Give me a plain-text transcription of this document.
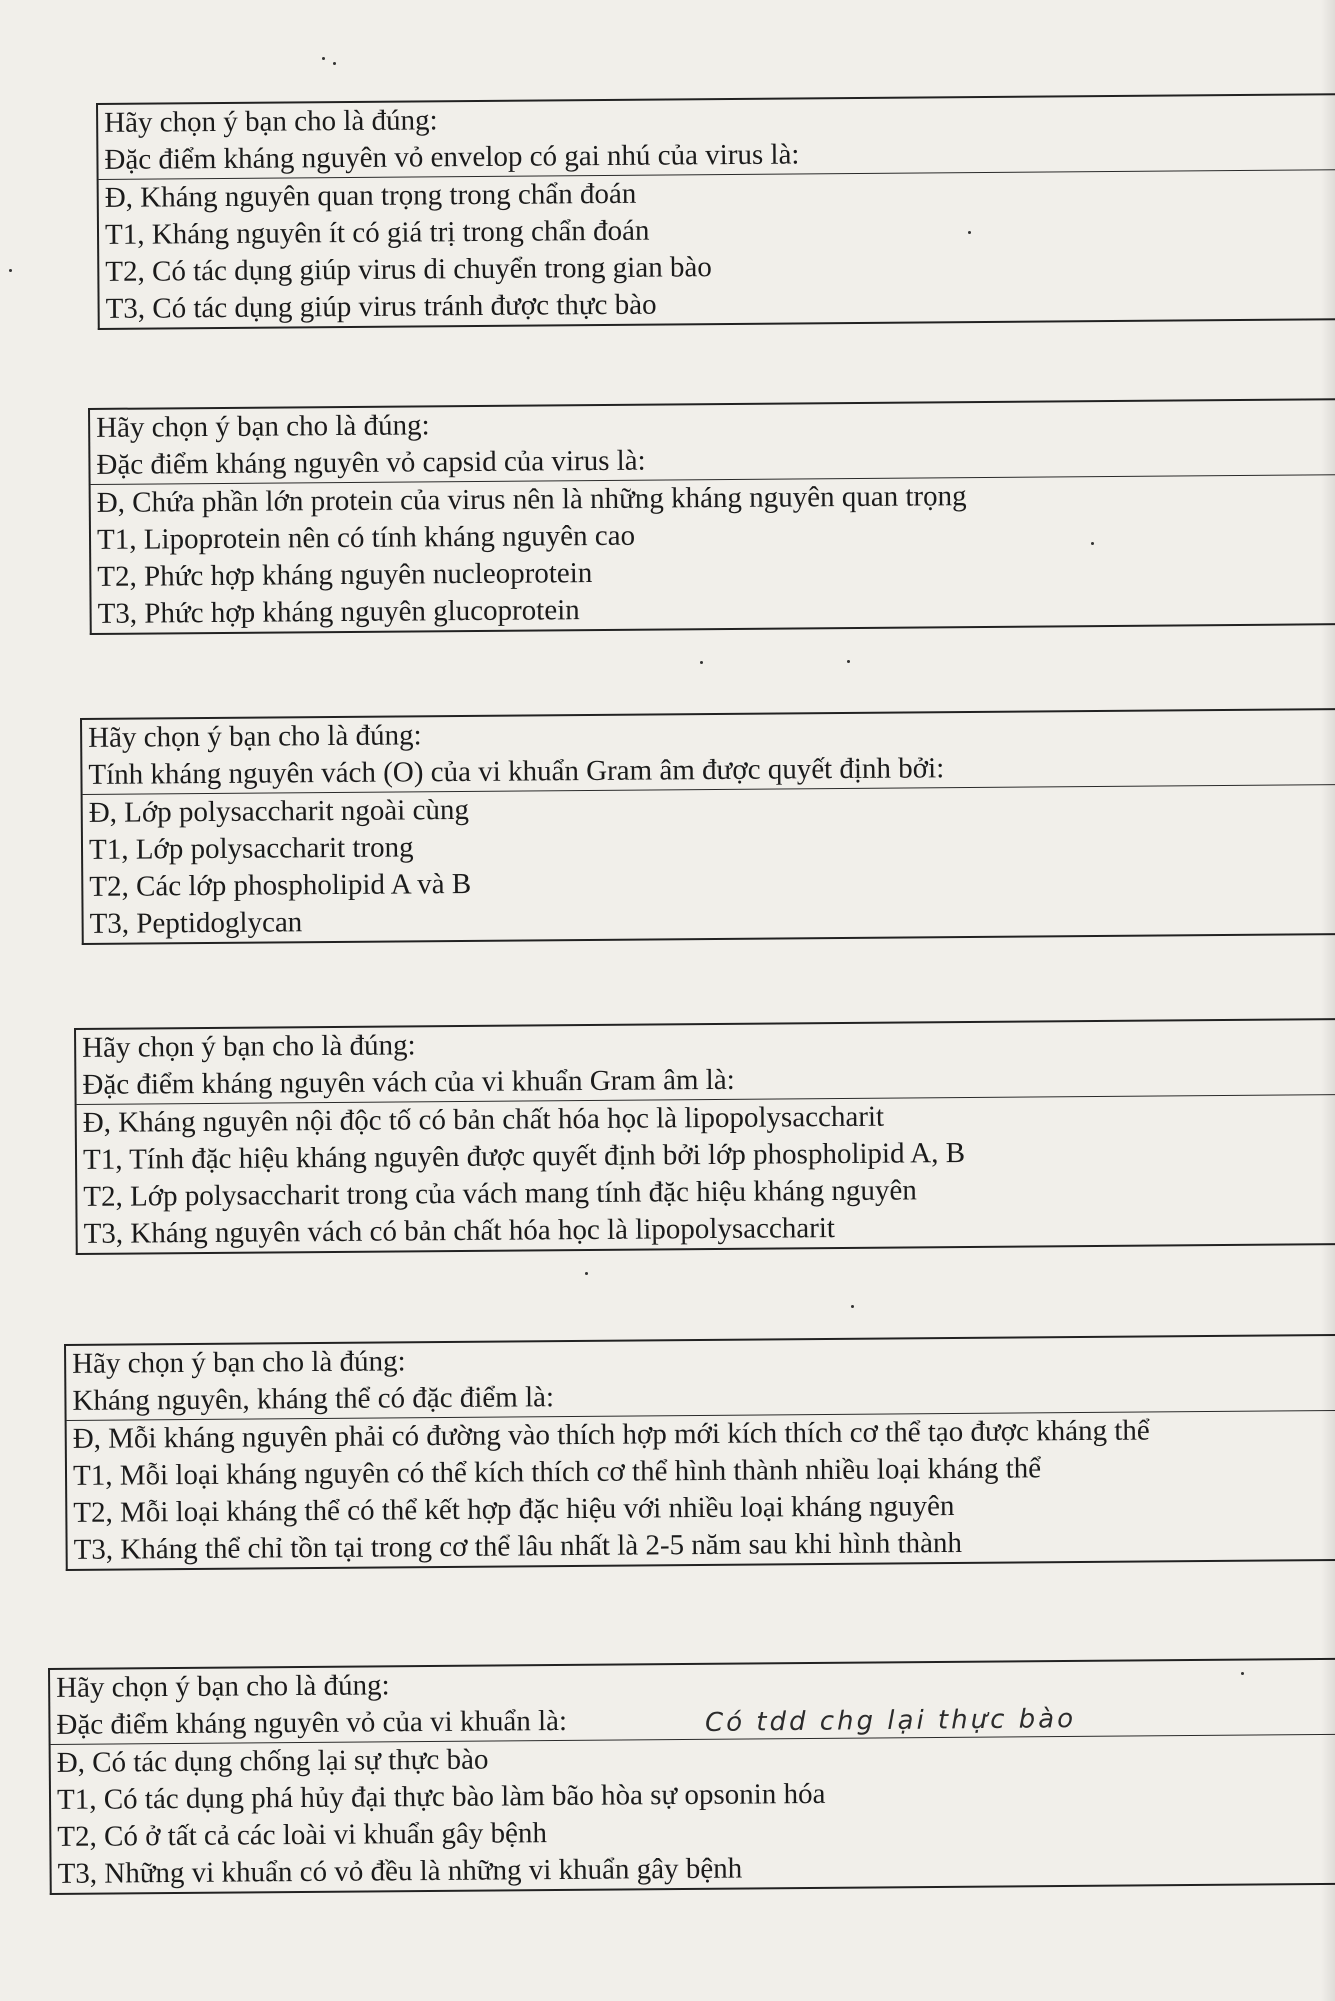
Hãy chọn ý bạn cho là đúng:
Đặc điểm kháng nguyên vỏ envelop có gai nhú của virus là:
Đ, Kháng nguyên quan trọng trong chẩn đoán
T1, Kháng nguyên ít có giá trị trong chẩn đoán
T2, Có tác dụng giúp virus di chuyển trong gian bào
T3, Có tác dụng giúp virus tránh được thực bào
Hãy chọn ý bạn cho là đúng:
Đặc điểm kháng nguyên vỏ capsid của virus là:
Đ, Chứa phần lớn protein của virus nên là những kháng nguyên quan trọng
T1, Lipoprotein nên có tính kháng nguyên cao
T2, Phức hợp kháng nguyên nucleoprotein
T3, Phức hợp kháng nguyên glucoprotein
Hãy chọn ý bạn cho là đúng:
Tính kháng nguyên vách (O) của vi khuẩn Gram âm được quyết định bởi:
Đ, Lớp polysaccharit ngoài cùng
T1, Lớp polysaccharit trong
T2, Các lớp phospholipid A và B
T3, Peptidoglycan
Hãy chọn ý bạn cho là đúng:
Đặc điểm kháng nguyên vách của vi khuẩn Gram âm là:
Đ, Kháng nguyên nội độc tố có bản chất hóa học là lipopolysaccharit
T1, Tính đặc hiệu kháng nguyên được quyết định bởi lớp phospholipid A, B
T2, Lớp polysaccharit trong của vách mang tính đặc hiệu kháng nguyên
T3, Kháng nguyên vách có bản chất hóa học là lipopolysaccharit
Hãy chọn ý bạn cho là đúng:
Kháng nguyên, kháng thể có đặc điểm là:
Đ, Mỗi kháng nguyên phải có đường vào thích hợp mới kích thích cơ thể tạo được kháng thể
T1, Mỗi loại kháng nguyên có thể kích thích cơ thể hình thành nhiều loại kháng thể
T2, Mỗi loại kháng thể có thể kết hợp đặc hiệu với nhiều loại kháng nguyên
T3, Kháng thể chỉ tồn tại trong cơ thể lâu nhất là 2-5 năm sau khi hình thành
Hãy chọn ý bạn cho là đúng:
Đặc điểm kháng nguyên vỏ của vi khuẩn là:
Đ, Có tác dụng chống lại sự thực bào
T1, Có tác dụng phá hủy đại thực bào làm bão hòa sự opsonin hóa
T2, Có ở tất cả các loài vi khuẩn gây bệnh
T3, Những vi khuẩn có vỏ đều là những vi khuẩn gây bệnh
Có tdd chg lại thực bào
